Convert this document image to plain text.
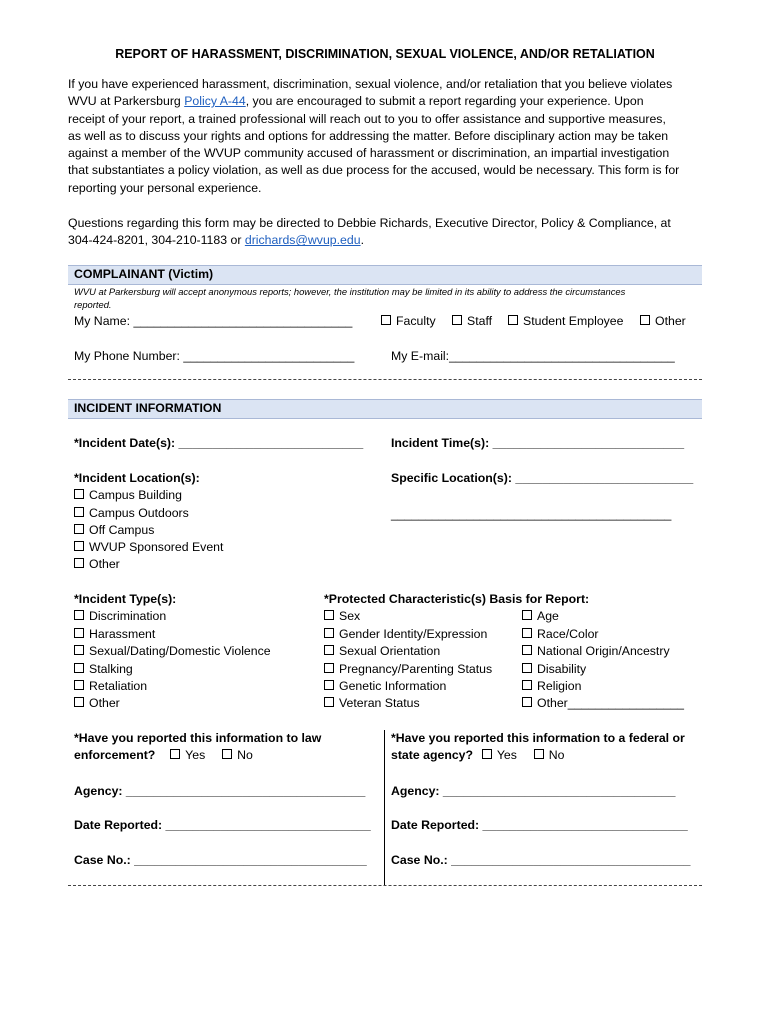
REPORT OF HARASSMENT, DISCRIMINATION, SEXUAL VIOLENCE, AND/OR RETALIATION
If you have experienced harassment, discrimination, sexual violence, and/or retaliation that you believe violates
WVU at Parkersburg Policy A-44, you are encouraged to submit a report regarding your experience. Upon
receipt of your report, a trained professional will reach out to you to offer assistance and supportive measures,
as well as to discuss your rights and options for addressing the matter. Before disciplinary action may be taken
against a member of the WVUP community accused of harassment or discrimination, an impartial investigation
that substantiates a policy violation, as well as due process for the accused, would be necessary. This form is for
reporting your personal experience.
Questions regarding this form may be directed to Debbie Richards, Executive Director, Policy & Compliance, at
304-424-8201, 304-210-1183 or drichards@wvup.edu.
COMPLAINANT (Victim)
WVU at Parkersburg will accept anonymous reports; however, the institution may be limited in its ability to address the circumstances
reported.
My Name: ________________________________	Faculty	Staff	Student Employee	Other
My Phone Number: _________________________	My E-mail:_________________________________
INCIDENT INFORMATION
*Incident Date(s): ___________________________ Incident Time(s): ____________________________
*Incident Location(s):
Campus Building
Campus Outdoors
Off Campus
WVUP Sponsored Event
Other
Specific Location(s): __________________________
_________________________________________
*Incident Type(s):
Discrimination
Harassment
Sexual/Dating/Domestic Violence
Stalking
Retaliation
Other
*Protected Characteristic(s) Basis for Report:
Sex
Gender Identity/Expression
Sexual Orientation
Pregnancy/Parenting Status
Genetic Information
Veteran Status
Age
Race/Color
National Origin/Ancestry
Disability
Religion
Other_________________
*Have you reported this information to law
enforcement? Yes	No
*Have you reported this information to a federal or
state agency? Yes	No
Agency: ___________________________________ Agency: __________________________________
Date Reported: ______________________________ Date Reported: ______________________________
Case No.: __________________________________ Case No.: ___________________________________
